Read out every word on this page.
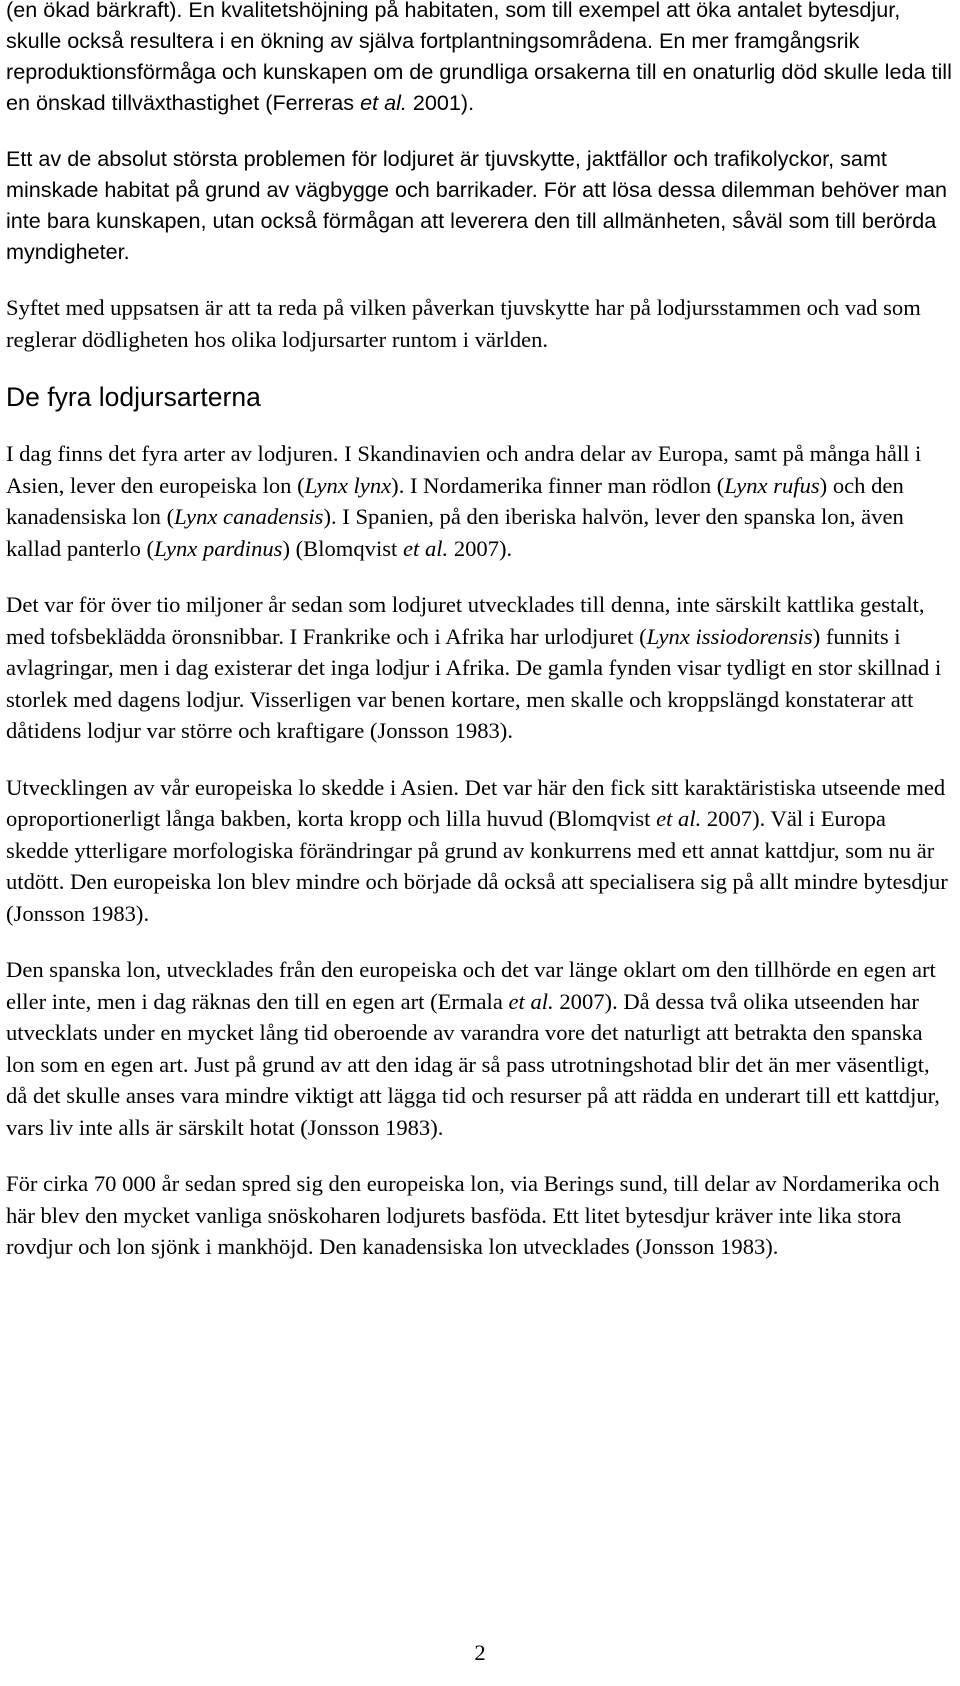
(en ökad bärkraft). En kvalitetshöjning på habitaten, som till exempel att öka antalet bytesdjur, skulle också resultera i en ökning av själva fortplantningsområdena. En mer framgångsrik reproduktionsförmåga och kunskapen om de grundliga orsakerna till en onaturlig död skulle leda till en önskad tillväxthastighet (Ferreras et al. 2001).

Ett av de absolut största problemen för lodjuret är tjuvskytte, jaktfällor och trafikolyckor, samt minskade habitat på grund av vägbygge och barrikader. För att lösa dessa dilemman behöver man inte bara kunskapen, utan också förmågan att leverera den till allmänheten, såväl som till berörda myndigheter.

Syftet med uppsatsen är att ta reda på vilken påverkan tjuvskytte har på lodjursstammen och vad som reglerar dödligheten hos olika lodjursarter runtom i världen.

De fyra lodjursarterna

I dag finns det fyra arter av lodjuren. I Skandinavien och andra delar av Europa, samt på många håll i Asien, lever den europeiska lon (Lynx lynx). I Nordamerika finner man rödlon (Lynx rufus) och den kanadensiska lon (Lynx canadensis). I Spanien, på den iberiska halvön, lever den spanska lon, även kallad panterlo (Lynx pardinus) (Blomqvist et al. 2007).

Det var för över tio miljoner år sedan som lodjuret utvecklades till denna, inte särskilt kattlika gestalt, med tofsbeklädda öronsnibbar. I Frankrike och i Afrika har urlodjuret (Lynx issiodorensis) funnits i avlagringar, men i dag existerar det inga lodjur i Afrika. De gamla fynden visar tydligt en stor skillnad i storlek med dagens lodjur. Visserligen var benen kortare, men skalle och kroppslängd konstaterar att dåtidens lodjur var större och kraftigare (Jonsson 1983).

Utvecklingen av vår europeiska lo skedde i Asien. Det var här den fick sitt karaktäristiska utseende med oproportionerligt långa bakben, korta kropp och lilla huvud (Blomqvist et al. 2007). Väl i Europa skedde ytterligare morfologiska förändringar på grund av konkurrens med ett annat kattdjur, som nu är utdött. Den europeiska lon blev mindre och började då också att specialisera sig på allt mindre bytesdjur (Jonsson 1983).

Den spanska lon, utvecklades från den europeiska och det var länge oklart om den tillhörde en egen art eller inte, men i dag räknas den till en egen art (Ermala et al. 2007). Då dessa två olika utseenden har utvecklats under en mycket lång tid oberoende av varandra vore det naturligt att betrakta den spanska lon som en egen art. Just på grund av att den idag är så pass utrotningshotad blir det än mer väsentligt, då det skulle anses vara mindre viktigt att lägga tid och resurser på att rädda en underart till ett kattdjur, vars liv inte alls är särskilt hotat (Jonsson 1983).

För cirka 70 000 år sedan spred sig den europeiska lon, via Berings sund, till delar av Nordamerika och här blev den mycket vanliga snöskoharen lodjurets basföda. Ett litet bytesdjur kräver inte lika stora rovdjur och lon sjönk i mankhöjd. Den kanadensiska lon utvecklades (Jonsson 1983).

2
